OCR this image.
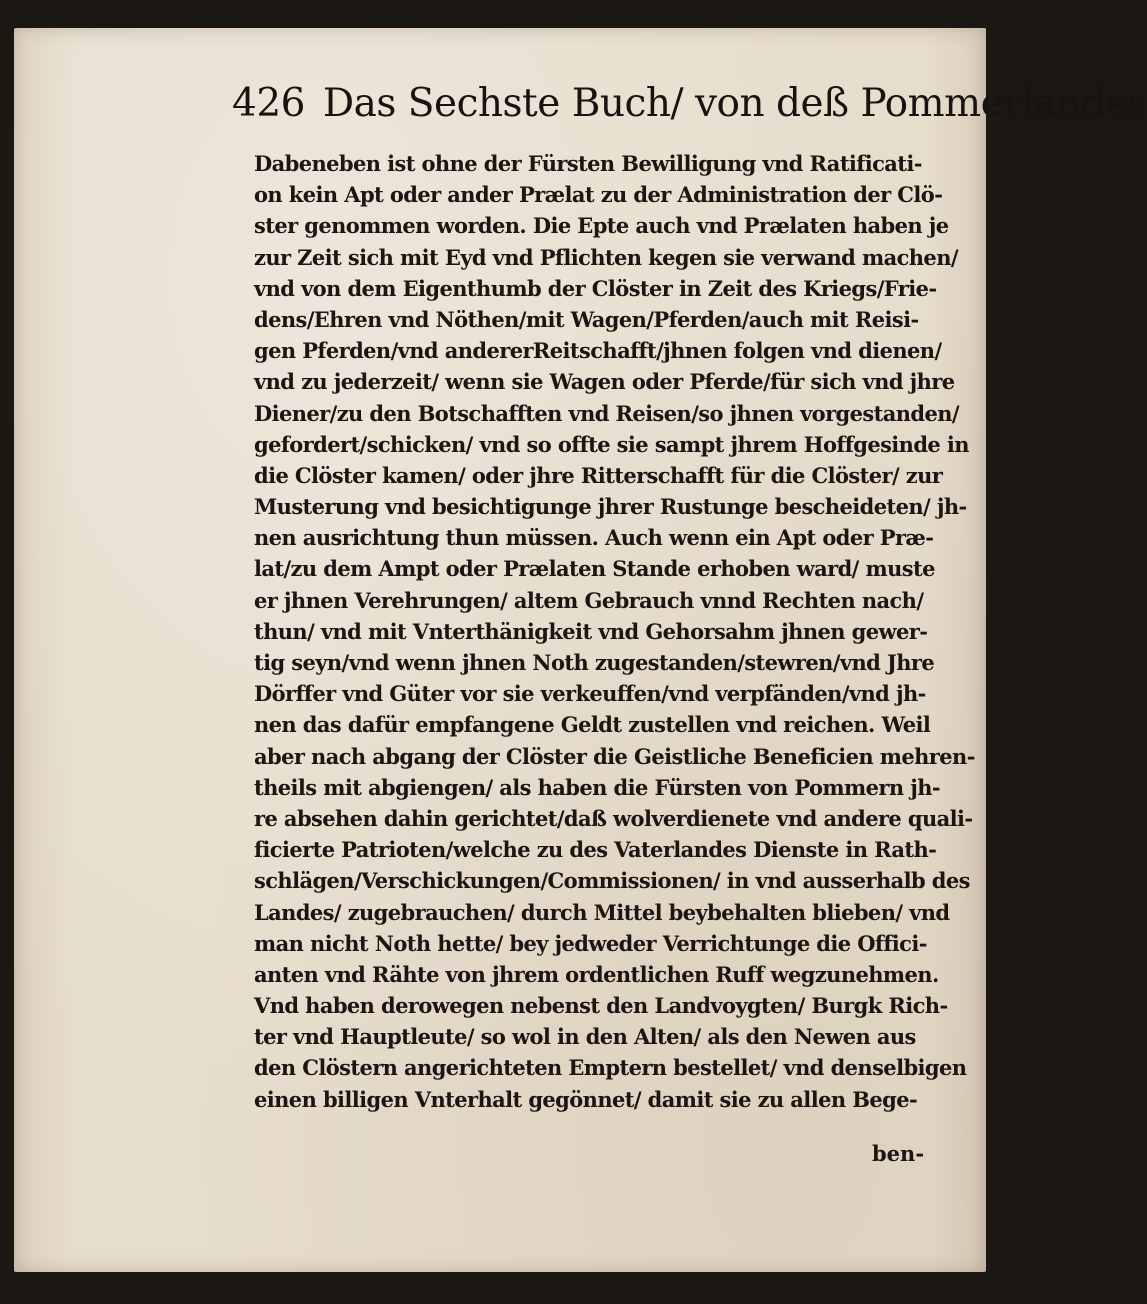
426 Das Sechste Buch/ von deß Pommerlandes
Dabeneben ist ohne der Fürsten Bewilligung vnd Ratificati-
on kein Apt oder ander Prælat zu der Administration der Clö-
ster genommen worden. Die Epte auch vnd Prælaten haben je
zur Zeit sich mit Eyd vnd Pflichten kegen sie verwand machen/
vnd von dem Eigenthumb der Clöster in Zeit des Kriegs/Frie-
dens/Ehren vnd Nöthen/mit Wagen/Pferden/auch mit Reisi-
gen Pferden/vnd andererReitschafft/jhnen folgen vnd dienen/
vnd zu jederzeit/ wenn sie Wagen oder Pferde/für sich vnd jhre
Diener/zu den Botschafften vnd Reisen/so jhnen vorgestanden/
gefordert/schicken/ vnd so offte sie sampt jhrem Hoffgesinde in
die Clöster kamen/ oder jhre Ritterschafft für die Clöster/ zur
Musterung vnd besichtigunge jhrer Rustunge bescheideten/ jh-
nen ausrichtung thun müssen. Auch wenn ein Apt oder Præ-
lat/zu dem Ampt oder Prælaten Stande erhoben ward/ muste
er jhnen Verehrungen/ altem Gebrauch vnnd Rechten nach/
thun/ vnd mit Vnterthänigkeit vnd Gehorsahm jhnen gewer-
tig seyn/vnd wenn jhnen Noth zugestanden/stewren/vnd Jhre
Dörffer vnd Güter vor sie verkeuffen/vnd verpfänden/vnd jh-
nen das dafür empfangene Geldt zustellen vnd reichen. Weil
aber nach abgang der Clöster die Geistliche Beneficien mehren-
theils mit abgiengen/ als haben die Fürsten von Pommern jh-
re absehen dahin gerichtet/daß wolverdienete vnd andere quali-
ficierte Patrioten/welche zu des Vaterlandes Dienste in Rath-
schlägen/Verschickungen/Commissionen/ in vnd ausserhalb des
Landes/ zugebrauchen/ durch Mittel beybehalten blieben/ vnd
man nicht Noth hette/ bey jedweder Verrichtunge die Offici-
anten vnd Rähte von jhrem ordentlichen Ruff wegzunehmen.
Vnd haben derowegen nebenst den Landvoygten/ Burgk Rich-
ter vnd Hauptleute/ so wol in den Alten/ als den Newen aus
den Clöstern angerichteten Emptern bestellet/ vnd denselbigen
einen billigen Vnterhalt gegönnet/ damit sie zu allen Bege-
ben-
